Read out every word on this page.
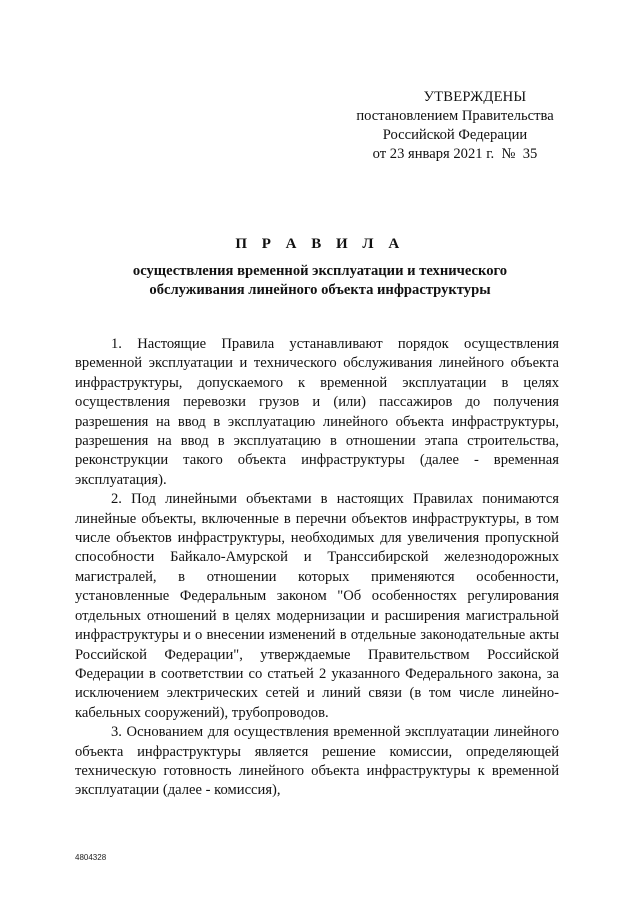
УТВЕРЖДЕНЫ
постановлением Правительства
Российской Федерации
от 23 января 2021 г.  №  35
П Р А В И Л А
осуществления временной эксплуатации и технического обслуживания линейного объекта инфраструктуры

1. Настоящие Правила устанавливают порядок осуществления временной эксплуатации и технического обслуживания линейного объекта инфраструктуры, допускаемого к временной эксплуатации в целях осуществления перевозки грузов и (или) пассажиров до получения разрешения на ввод в эксплуатацию линейного объекта инфраструктуры, разрешения на ввод в эксплуатацию в отношении этапа строительства, реконструкции такого объекта инфраструктуры (далее - временная эксплуатация).

2. Под линейными объектами в настоящих Правилах понимаются линейные объекты, включенные в перечни объектов инфраструктуры, в том числе объектов инфраструктуры, необходимых для увеличения пропускной способности Байкало-Амурской и Транссибирской железнодорожных магистралей, в отношении которых применяются особенности, установленные Федеральным законом "Об особенностях регулирования отдельных отношений в целях модернизации и расширения магистральной инфраструктуры и о внесении изменений в отдельные законодательные акты Российской Федерации", утверждаемые Правительством Российской Федерации в соответствии со статьей 2 указанного Федерального закона, за исключением электрических сетей и линий связи (в том числе линейно-кабельных сооружений), трубопроводов.

3. Основанием для осуществления временной эксплуатации линейного объекта инфраструктуры является решение комиссии, определяющей техническую готовность линейного объекта инфраструктуры к временной эксплуатации (далее - комиссия),

4804328
